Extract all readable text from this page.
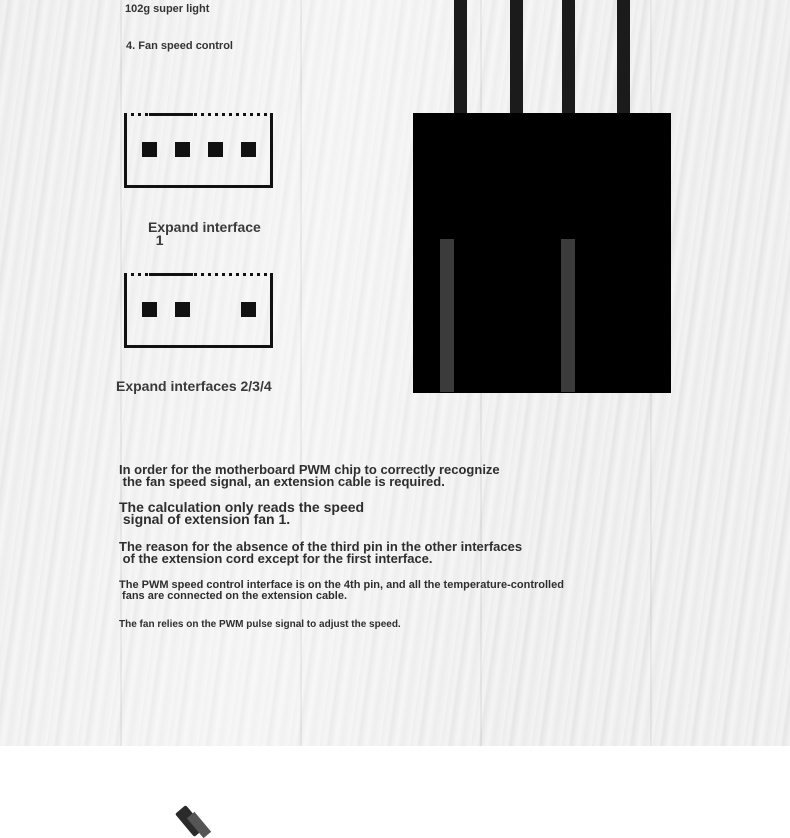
102g super light
4. Fan speed control
Expand interface
1
Expand interfaces 2/3/4
In order for the motherboard PWM chip to correctly recognize
the fan speed signal, an extension cable is required.
The calculation only reads the speed
signal of extension fan 1.
The reason for the absence of the third pin in the other interfaces
of the extension cord except for the first interface.
The PWM speed control interface is on the 4th pin, and all the temperature-controlled
fans are connected on the extension cable.
The fan relies on the PWM pulse signal to adjust the speed.
